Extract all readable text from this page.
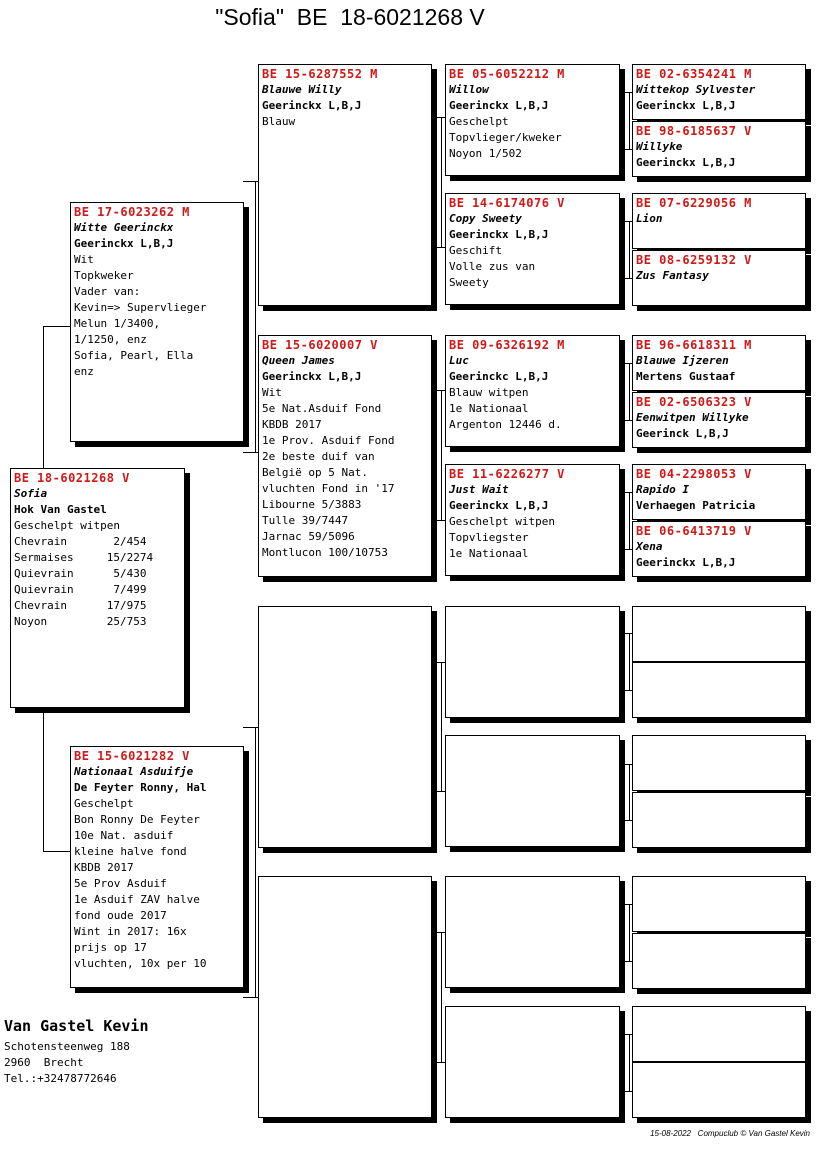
"Sofia"  BE  18-6021268 V
BE 18-6021268 V
Sofia
Hok Van Gastel
Geschelpt witpen
Chevrain       2/454
Sermaises     15/2274
Quievrain      5/430
Quievrain      7/499
Chevrain      17/975
Noyon         25/753
BE 17-6023262 M
Witte Geerinckx
Geerinckx L,B,J
Wit
Topkweker
Vader van:
Kevin=> Supervlieger
Melun 1/3400,
1/1250, enz
Sofia, Pearl, Ella
enz
BE 15-6021282 V
Nationaal Asduifje
De Feyter Ronny, Hal
Geschelpt
Bon Ronny De Feyter
10e Nat. asduif
kleine halve fond
KBDB 2017
5e Prov Asduif
1e Asduif ZAV halve
fond oude 2017
Wint in 2017: 16x
prijs op 17
vluchten, 10x per 10
BE 15-6287552 M
Blauwe Willy
Geerinckx L,B,J
Blauw
BE 15-6020007 V
Queen James
Geerinckx L,B,J
Wit
5e Nat.Asduif Fond
KBDB 2017
1e Prov. Asduif Fond
2e beste duif van
België op 5 Nat.
vluchten Fond in '17
Libourne 5/3883
Tulle 39/7447
Jarnac 59/5096
Montlucon 100/10753
BE 05-6052212 M
Willow
Geerinckx L,B,J
Geschelpt
Topvlieger/kweker
Noyon 1/502
BE 14-6174076 V
Copy Sweety
Geerinckx L,B,J
Geschift
Volle zus van
Sweety
BE 09-6326192 M
Luc
Geerinckc L,B,J
Blauw witpen
1e Nationaal
Argenton 12446 d.
BE 11-6226277 V
Just Wait
Geerinckx L,B,J
Geschelpt witpen
Topvliegster
1e Nationaal
BE 02-6354241 M
Wittekop Sylvester
Geerinckx L,B,J
BE 98-6185637 V
Willyke
Geerinckx L,B,J
BE 07-6229056 M
Lion
BE 08-6259132 V
Zus Fantasy
BE 96-6618311 M
Blauwe Ijzeren
Mertens Gustaaf
BE 02-6506323 V
Eenwitpen Willyke
Geerinck L,B,J
BE 04-2298053 V
Rapido I
Verhaegen Patricia
BE 06-6413719 V
Xena
Geerinckx L,B,J
Van Gastel Kevin
Schotensteenweg 188
2960  Brecht
Tel.:+32478772646
15-08-2022   Compuclub © Van Gastel Kevin
